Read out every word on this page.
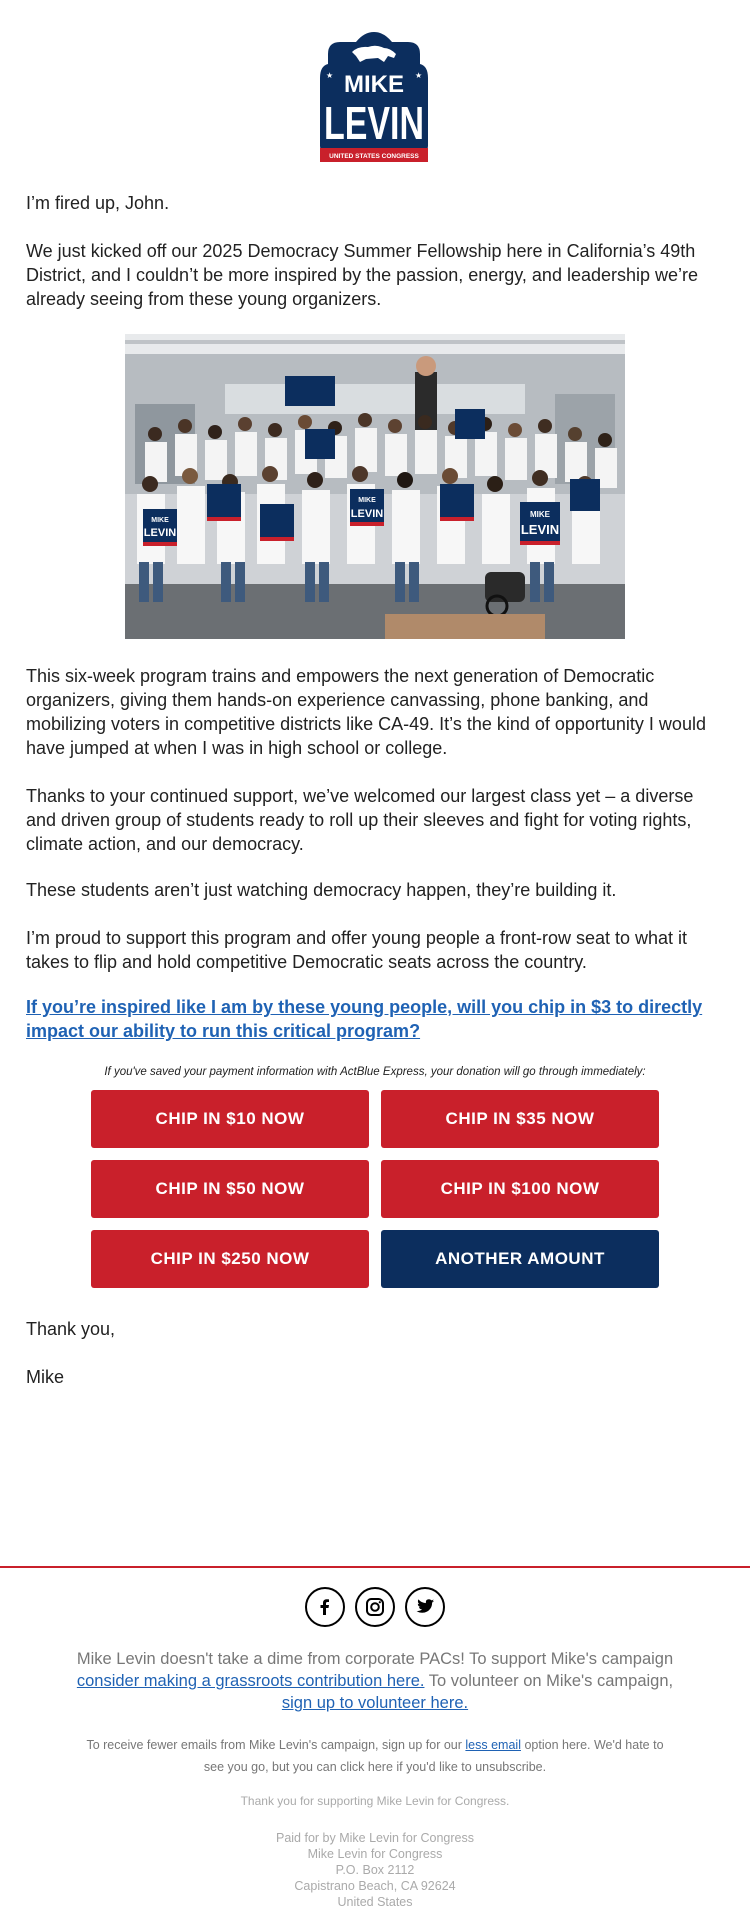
★	★
MIKE
LEVIN
UNITED STATES CONGRESS

I’m fired up, John.

We just kicked off our 2025 Democracy Summer Fellowship here in California’s 49th District, and I couldn’t be more inspired by the passion, energy, and leadership we’re already seeing from these young organizers.

MIKE
LEVIN
MIKE
LEVIN
MIKE
LEVIN

This six-week program trains and empowers the next generation of Democratic organizers, giving them hands-on experience canvassing, phone banking, and mobilizing voters in competitive districts like CA-49. It’s the kind of opportunity I would have jumped at when I was in high school or college.

Thanks to your continued support, we’ve welcomed our largest class yet – a diverse and driven group of students ready to roll up their sleeves and fight for voting rights, climate action, and our democracy.

These students aren’t just watching democracy happen, they’re building it.

I’m proud to support this program and offer young people a front-row seat to what it takes to flip and hold competitive Democratic seats across the country.

If you’re inspired like I am by these young people, will you chip in $3 to directly impact our ability to run this critical program?
If you've saved your payment information with ActBlue Express, your donation will go through immediately:
CHIP IN $10 NOW	CHIP IN $35 NOW
CHIP IN $50 NOW	CHIP IN $100 NOW
CHIP IN $250 NOW	ANOTHER AMOUNT

Thank you,

Mike

Mike Levin doesn't take a dime from corporate PACs! To support Mike's campaign consider making a grassroots contribution here. To volunteer on Mike's campaign, sign up to volunteer here.
To receive fewer emails from Mike Levin's campaign, sign up for our less email option here. We'd hate to see you go, but you can click here if you'd like to unsubscribe.
Thank you for supporting Mike Levin for Congress.
Paid for by Mike Levin for Congress
Mike Levin for Congress
P.O. Box 2112
Capistrano Beach, CA 92624
United States
